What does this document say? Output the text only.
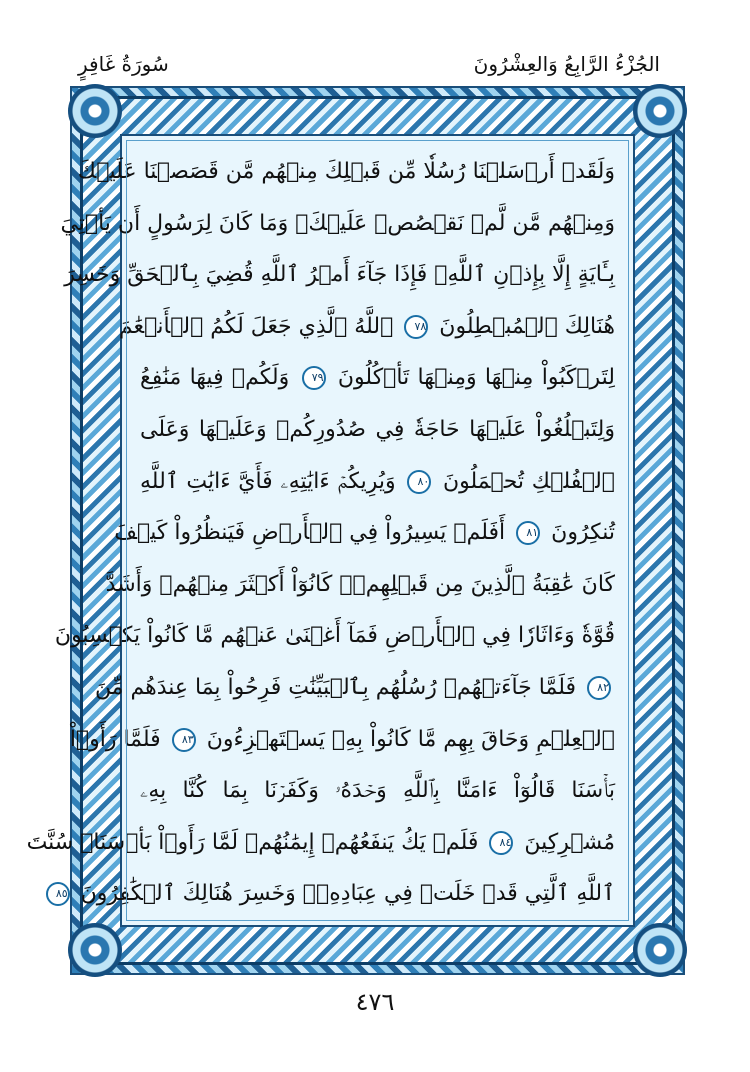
سُورَةُ غَافِرٍ	الجُزْءُ الرَّابِعُ وَالعِشْرُونَ
وَلَقَدۡ أَرۡسَلۡنَا رُسُلٗا مِّن قَبۡلِكَ مِنۡهُم مَّن قَصَصۡنَا عَلَيۡكَ
وَمِنۡهُم مَّن لَّمۡ نَقۡصُصۡ عَلَيۡكَۗ وَمَا كَانَ لِرَسُولٍ أَن يَأۡتِيَ
بِـَٔايَةٍ إِلَّا بِإِذۡنِ ٱللَّهِۚ فَإِذَا جَآءَ أَمۡرُ ٱللَّهِ قُضِيَ بِٱلۡحَقِّ وَخَسِرَ
هُنَالِكَ ٱلۡمُبۡطِلُونَ ٧٨ ٱللَّهُ ٱلَّذِي جَعَلَ لَكُمُ ٱلۡأَنۡعَٰمَ
لِتَرۡكَبُواْ مِنۡهَا وَمِنۡهَا تَأۡكُلُونَ ٧٩ وَلَكُمۡ فِيهَا مَنَٰفِعُ
وَلِتَبۡلُغُواْ عَلَيۡهَا حَاجَةٗ فِي صُدُورِكُمۡ وَعَلَيۡهَا وَعَلَى
ٱلۡفُلۡكِ تُحۡمَلُونَ ٨٠ وَيُرِيكُمۡ ءَايَٰتِهِۦ فَأَيَّ ءَايَٰتِ ٱللَّهِ
تُنكِرُونَ ٨١ أَفَلَمۡ يَسِيرُواْ فِي ٱلۡأَرۡضِ فَيَنظُرُواْ كَيۡفَ
كَانَ عَٰقِبَةُ ٱلَّذِينَ مِن قَبۡلِهِمۡۚ كَانُوٓاْ أَكۡثَرَ مِنۡهُمۡ وَأَشَدَّ
قُوَّةٗ وَءَاثَارٗا فِي ٱلۡأَرۡضِ فَمَآ أَغۡنَىٰ عَنۡهُم مَّا كَانُواْ يَكۡسِبُونَ
٨٢ فَلَمَّا جَآءَتۡهُمۡ رُسُلُهُم بِٱلۡبَيِّنَٰتِ فَرِحُواْ بِمَا عِندَهُم مِّنَ
ٱلۡعِلۡمِ وَحَاقَ بِهِم مَّا كَانُواْ بِهِۦ يَسۡتَهۡزِءُونَ ٨٣ فَلَمَّا رَأَوۡاْ
بَأۡسَنَا قَالُوٓاْ ءَامَنَّا بِٱللَّهِ وَحۡدَهُۥ وَكَفَرۡنَا بِمَا كُنَّا بِهِۦ
مُشۡرِكِينَ ٨٤ فَلَمۡ يَكُ يَنفَعُهُمۡ إِيمَٰنُهُمۡ لَمَّا رَأَوۡاْ بَأۡسَنَاۖ سُنَّتَ
ٱللَّهِ ٱلَّتِي قَدۡ خَلَتۡ فِي عِبَادِهِۦۖ وَخَسِرَ هُنَالِكَ ٱلۡكَٰفِرُونَ ٨٥
٤٧٦
